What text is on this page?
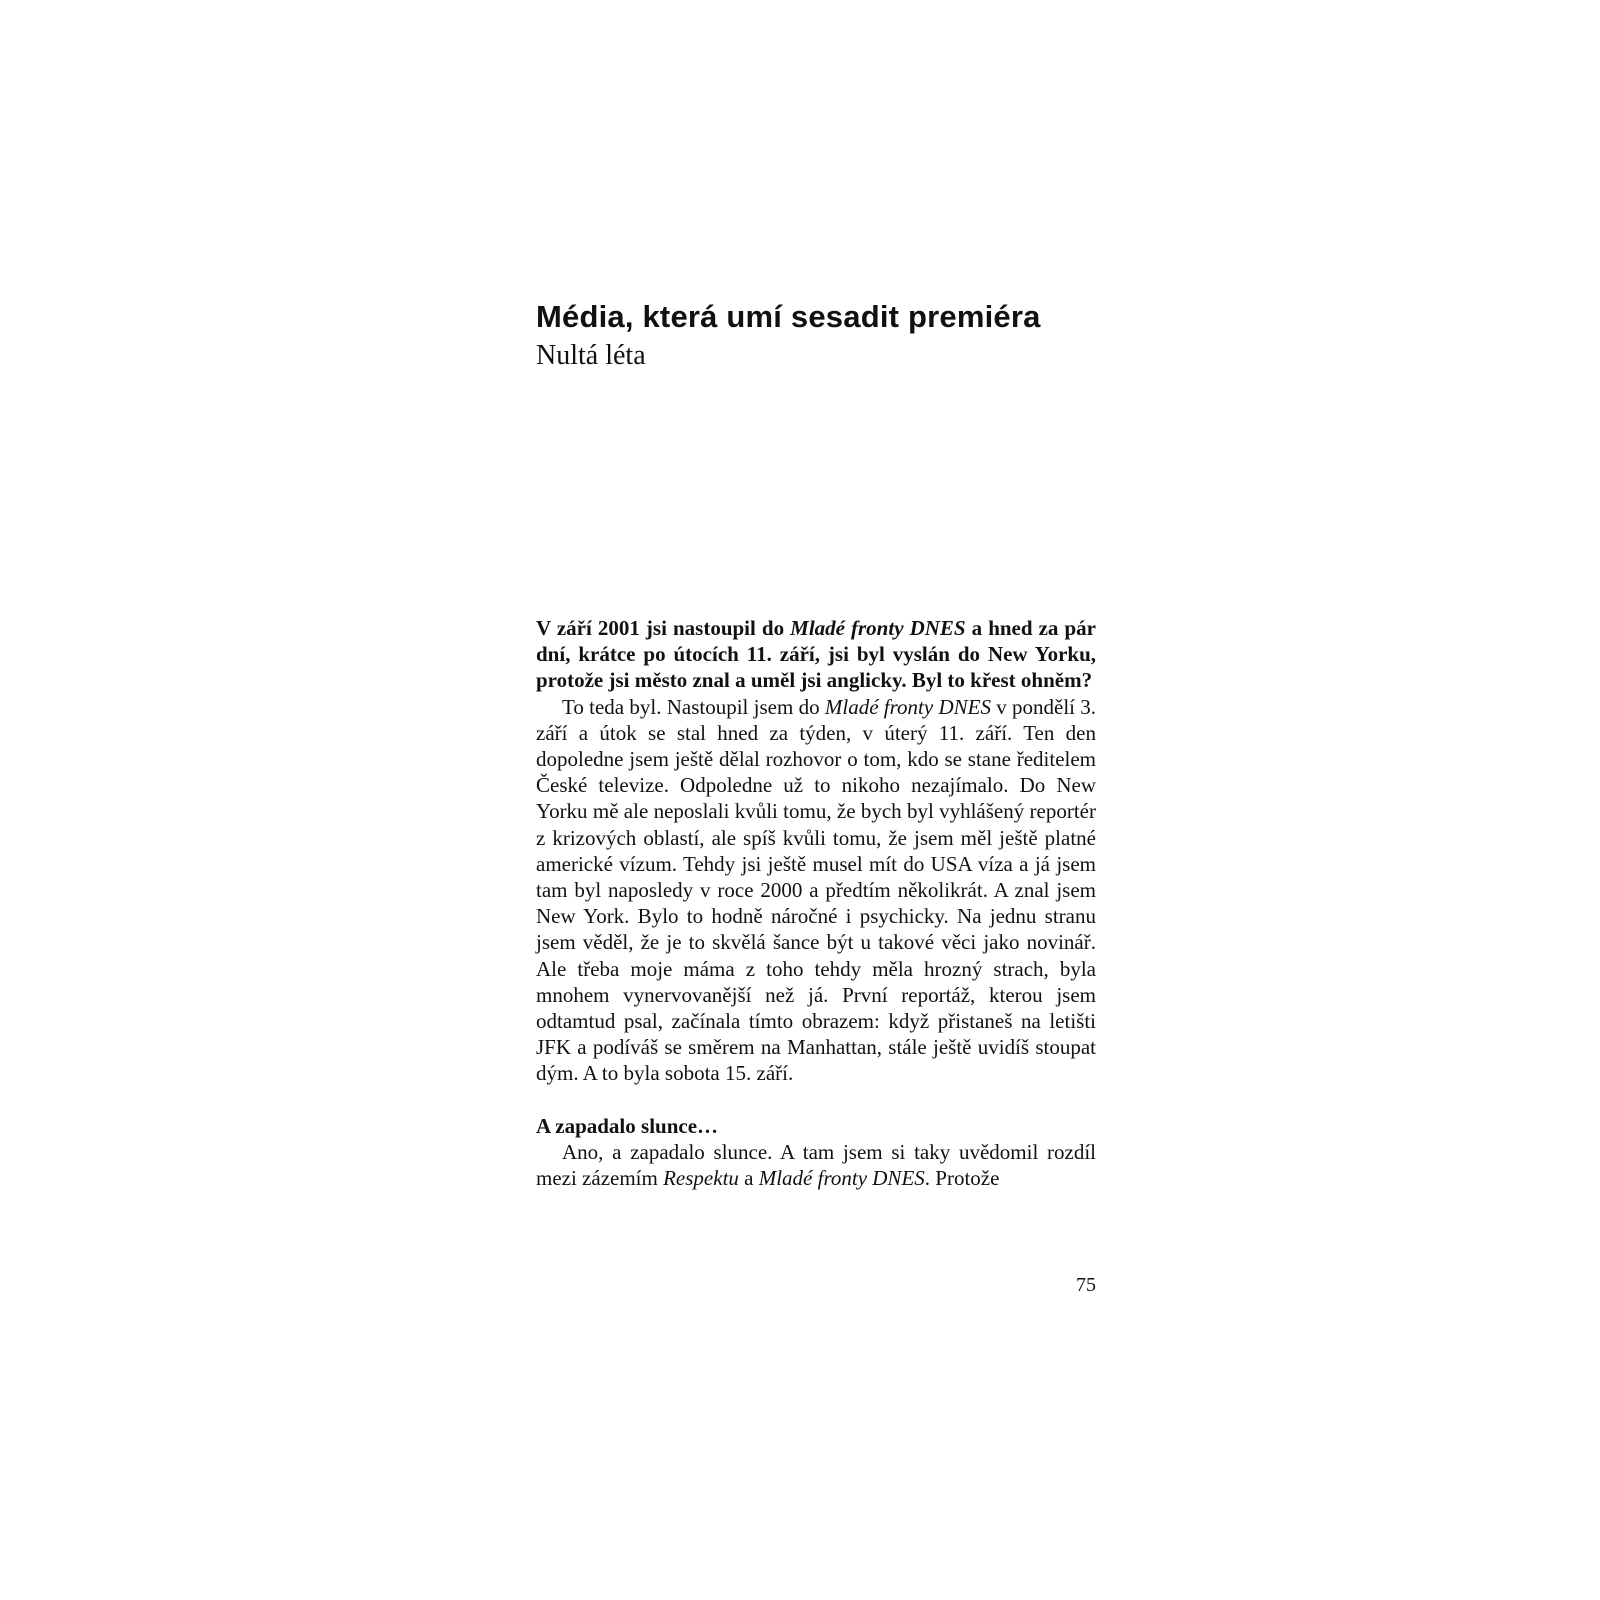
Média, která umí sesadit premiéra
Nultá léta

V září 2001 jsi nastoupil do Mladé fronty DNES a hned za pár dní, krátce po útocích 11. září, jsi byl vyslán do New Yorku, protože jsi město znal a uměl jsi anglicky. Byl to křest ohněm?

To teda byl. Nastoupil jsem do Mladé fronty DNES v pondělí 3. září a útok se stal hned za týden, v úterý 11. září. Ten den dopoledne jsem ještě dělal rozhovor o tom, kdo se stane ředitelem České televize. Odpoledne už to nikoho nezajímalo. Do New Yorku mě ale neposlali kvůli tomu, že bych byl vyhlášený reportér z krizových oblastí, ale spíš kvůli tomu, že jsem měl ještě platné americké vízum. Tehdy jsi ještě musel mít do USA víza a já jsem tam byl naposledy v roce 2000 a předtím několikrát. A znal jsem New York. Bylo to hodně náročné i psychicky. Na jednu stranu jsem věděl, že je to skvělá šance být u takové věci jako novinář. Ale třeba moje máma z toho tehdy měla hrozný strach, byla mnohem vynervovanější než já. První reportáž, kterou jsem odtamtud psal, začínala tímto obrazem: když přistaneš na letišti JFK a podíváš se směrem na Manhattan, stále ještě uvidíš stoupat dým. A to byla sobota 15. září.

A zapadalo slunce…

Ano, a zapadalo slunce. A tam jsem si taky uvědomil rozdíl mezi zázemím Respektu a Mladé fronty DNES. Protože

75
